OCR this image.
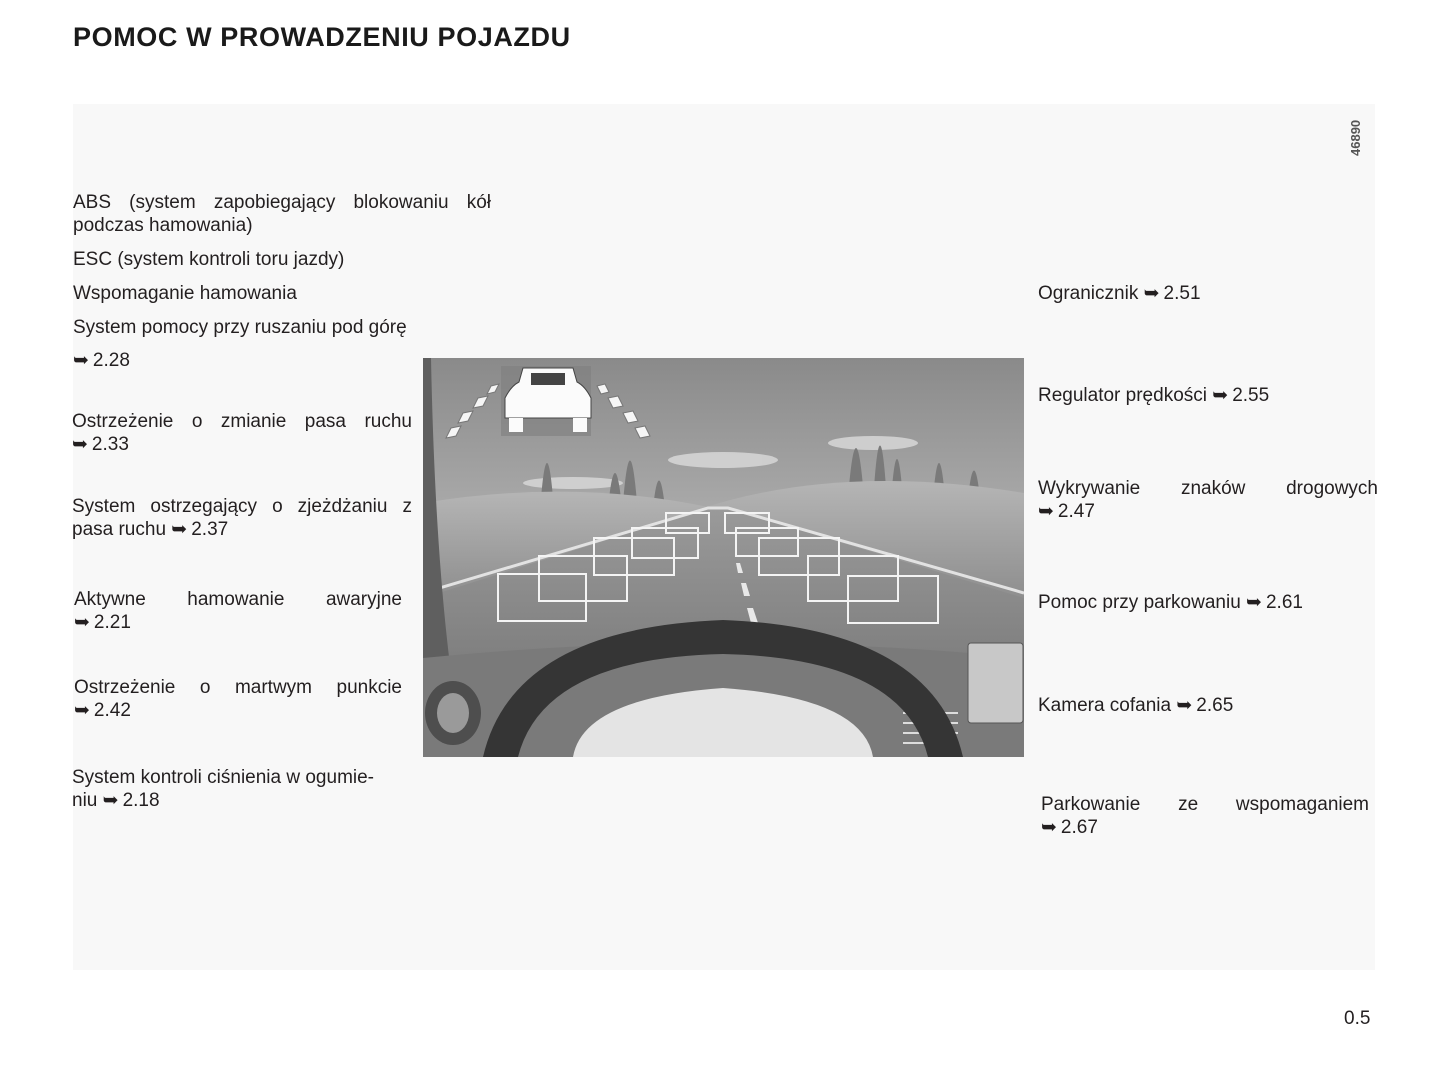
POMOC W PROWADZENIU POJAZDU
46890
ABS (system zapobiegający blokowaniu kół
podczas hamowania)
ESC (system kontroli toru jazdy)
Wspomaganie hamowania
System pomocy przy ruszaniu pod górę
➥ 2.28
Ostrzeżenie o zmianie pasa ruchu
➥ 2.33
System ostrzegający o zjeżdżaniu z
pasa ruchu ➥ 2.37
Aktywne hamowanie awaryjne
➥ 2.21
Ostrzeżenie o martwym punkcie
➥ 2.42
System kontroli ciśnienia w ogumie-
niu ➥ 2.18
Ogranicznik ➥ 2.51
Regulator prędkości ➥ 2.55
Wykrywanie znaków drogowych
➥ 2.47
Pomoc przy parkowaniu ➥ 2.61
Kamera cofania ➥ 2.65
Parkowanie ze wspomaganiem
➥ 2.67
0.5
